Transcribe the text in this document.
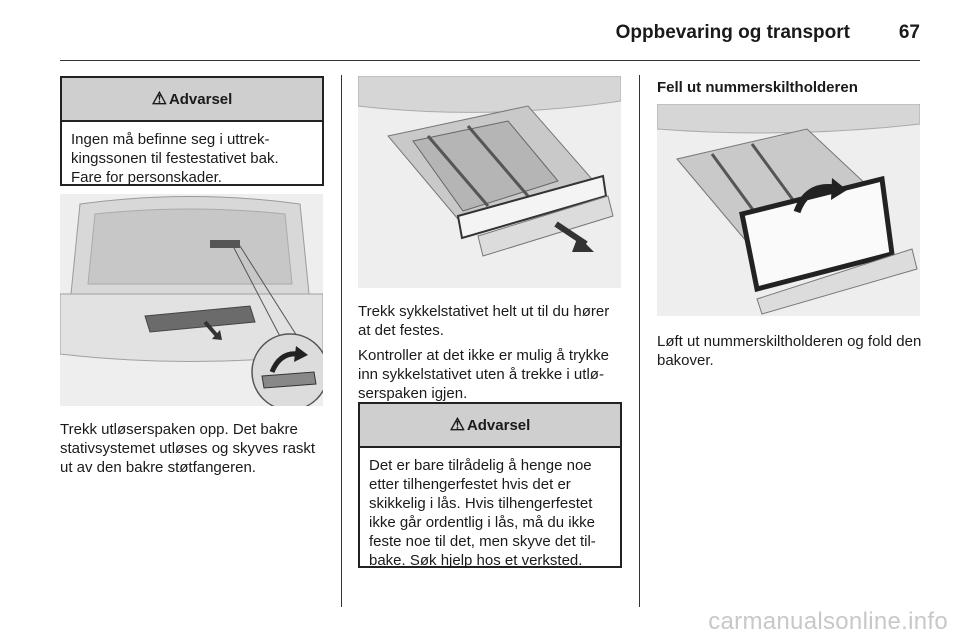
Oppbevaring og transport	67
⚠ Advarsel
Ingen må befinne seg i uttrekkingssonen til festestativet bak. Fare for personskader.
Trekk utløserspaken opp. Det bakre stativsystemet utløses og skyves raskt ut av den bakre støtfangeren.

Trekk sykkelstativet helt ut til du hører at det festes.

Kontroller at det ikke er mulig å trykke inn sykkelstativet uten å trekke i utløserspaken igjen.

⚠ Advarsel
Det er bare tilrådelig å henge noe etter tilhengerfestet hvis det er skikkelig i lås. Hvis tilhengerfestet ikke går ordentlig i lås, må du ikke feste noe til det, men skyve det tilbake. Søk hjelp hos et verksted.
Fell ut nummerskiltholderen
Løft ut nummerskiltholderen og fold den bakover.
carmanualsonline.info
